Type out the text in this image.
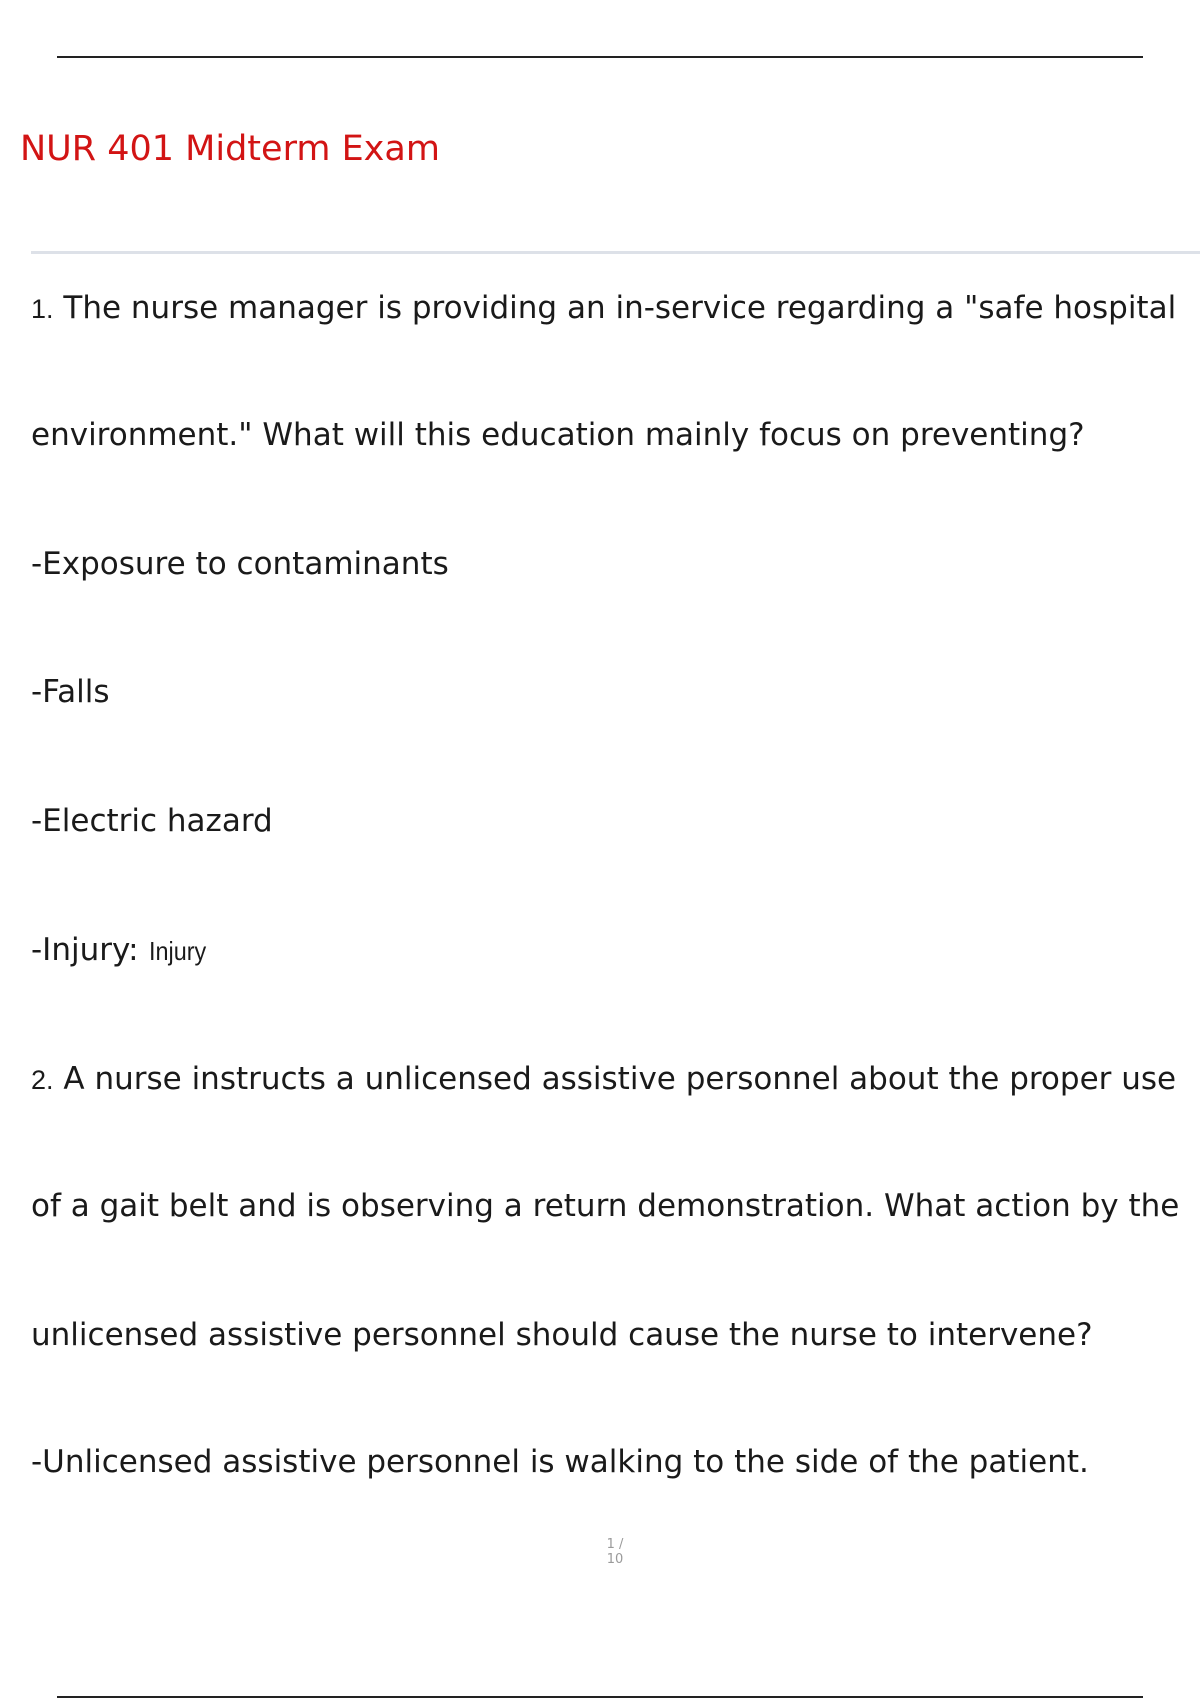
NUR 401 Midterm Exam

1. The nurse manager is providing an in-service regarding a "safe hospital

environment." What will this education mainly focus on preventing?

-Exposure to contaminants

-Falls

-Electric hazard

-Injury: Injury

2. A nurse instructs a unlicensed assistive personnel about the proper use

of a gait belt and is observing a return demonstration. What action by the

unlicensed assistive personnel should cause the nurse to intervene?

-Unlicensed assistive personnel is walking to the side of the patient.

1 / 10
